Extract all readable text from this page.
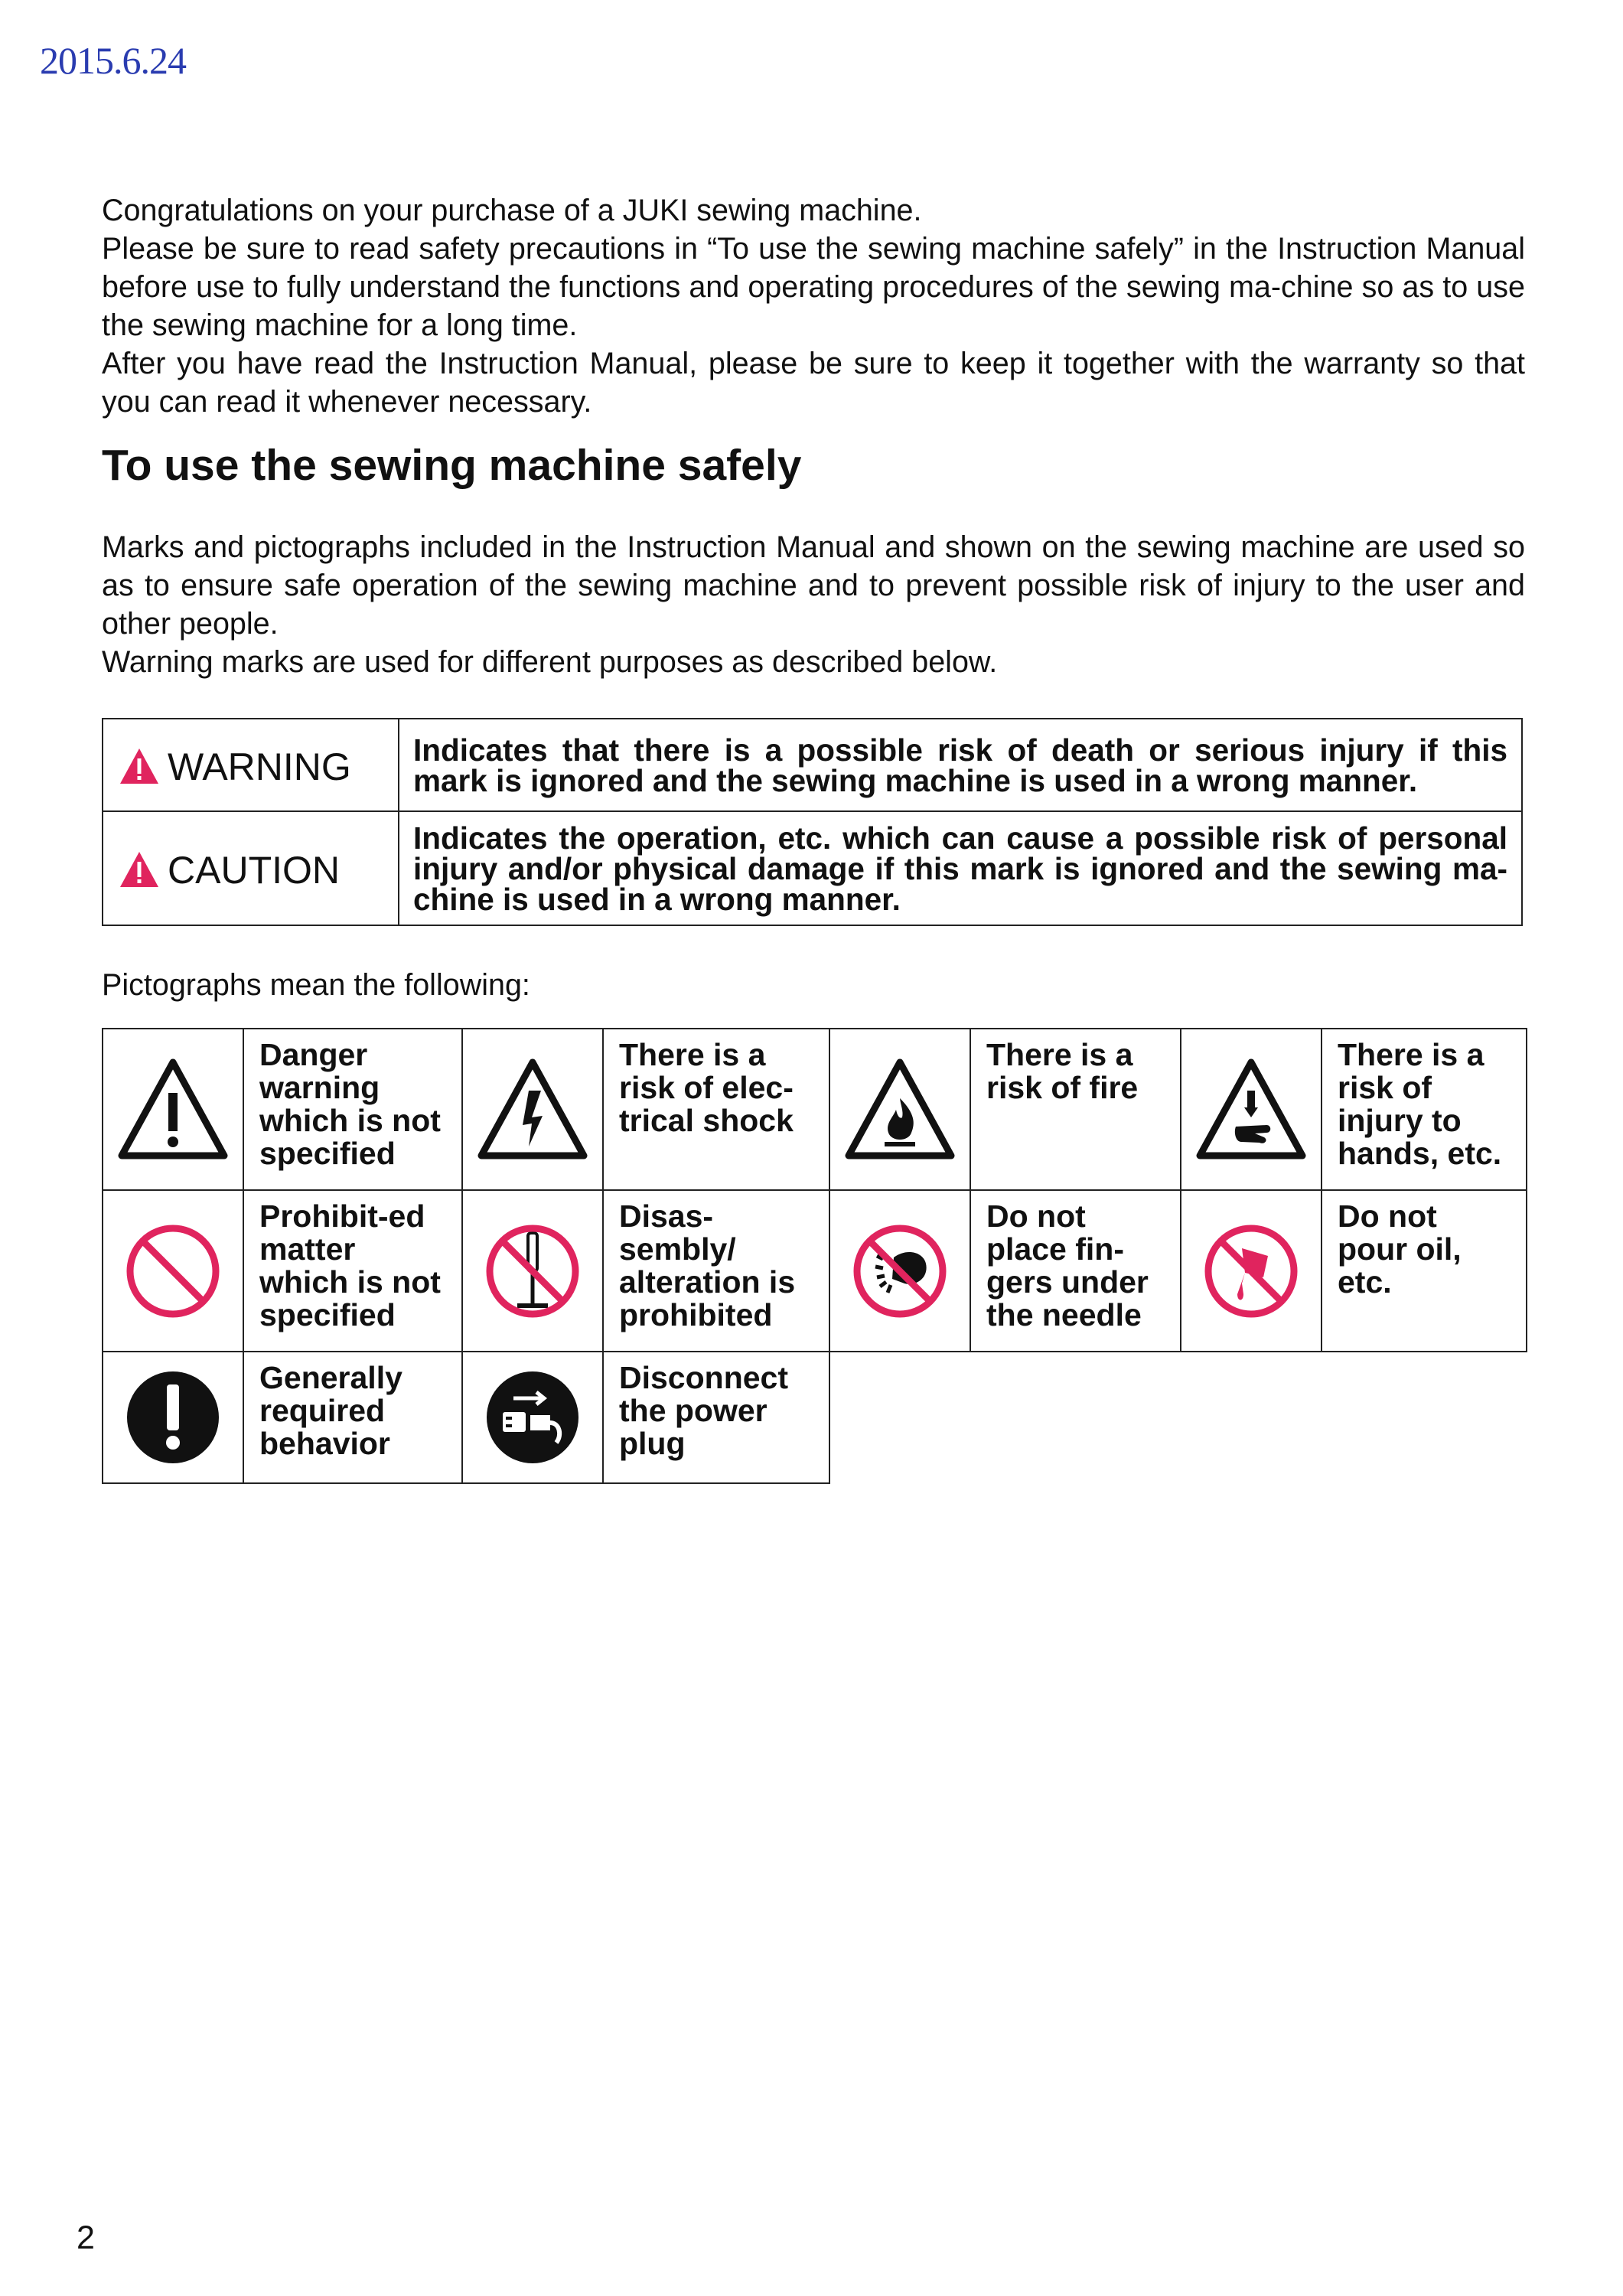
2015.6.24

Congratulations on your purchase of a JUKI sewing machine.

Please be sure to read safety precautions in “To use the sewing machine safely” in the Instruction Manual before use to fully understand the functions and operating procedures of the sewing ma-chine so as to use the sewing machine for a long time.

After you have read the Instruction Manual, please be sure to keep it together with the warranty so that you can read it whenever necessary.

To use the sewing machine safely

Marks and pictographs included in the Instruction Manual and shown on the sewing machine are used so as to ensure safe operation of the sewing machine and to prevent possible risk of injury to the user and other people.

Warning marks are used for different purposes as described below.

WARNING	Indicates that there is a possible risk of death or serious injury if this mark is ignored and the sewing machine is used in a wrong manner.
CAUTION	Indicates the operation, etc. which can cause a possible risk of personal injury and/or physical damage if this mark is ignored and the sewing ma-chine is used in a wrong manner.
Pictographs mean the following:
	Danger warning which is not specified		There is a risk of elec-trical shock		There is a risk of fire		There is a risk of injury to hands, etc.
	Prohibit-ed matter which is not specified		Disas-sembly/ alteration is prohibited		Do not place fin-gers under the needle		Do not pour oil, etc.
	Generally required behavior		Disconnect the power plug				
2
